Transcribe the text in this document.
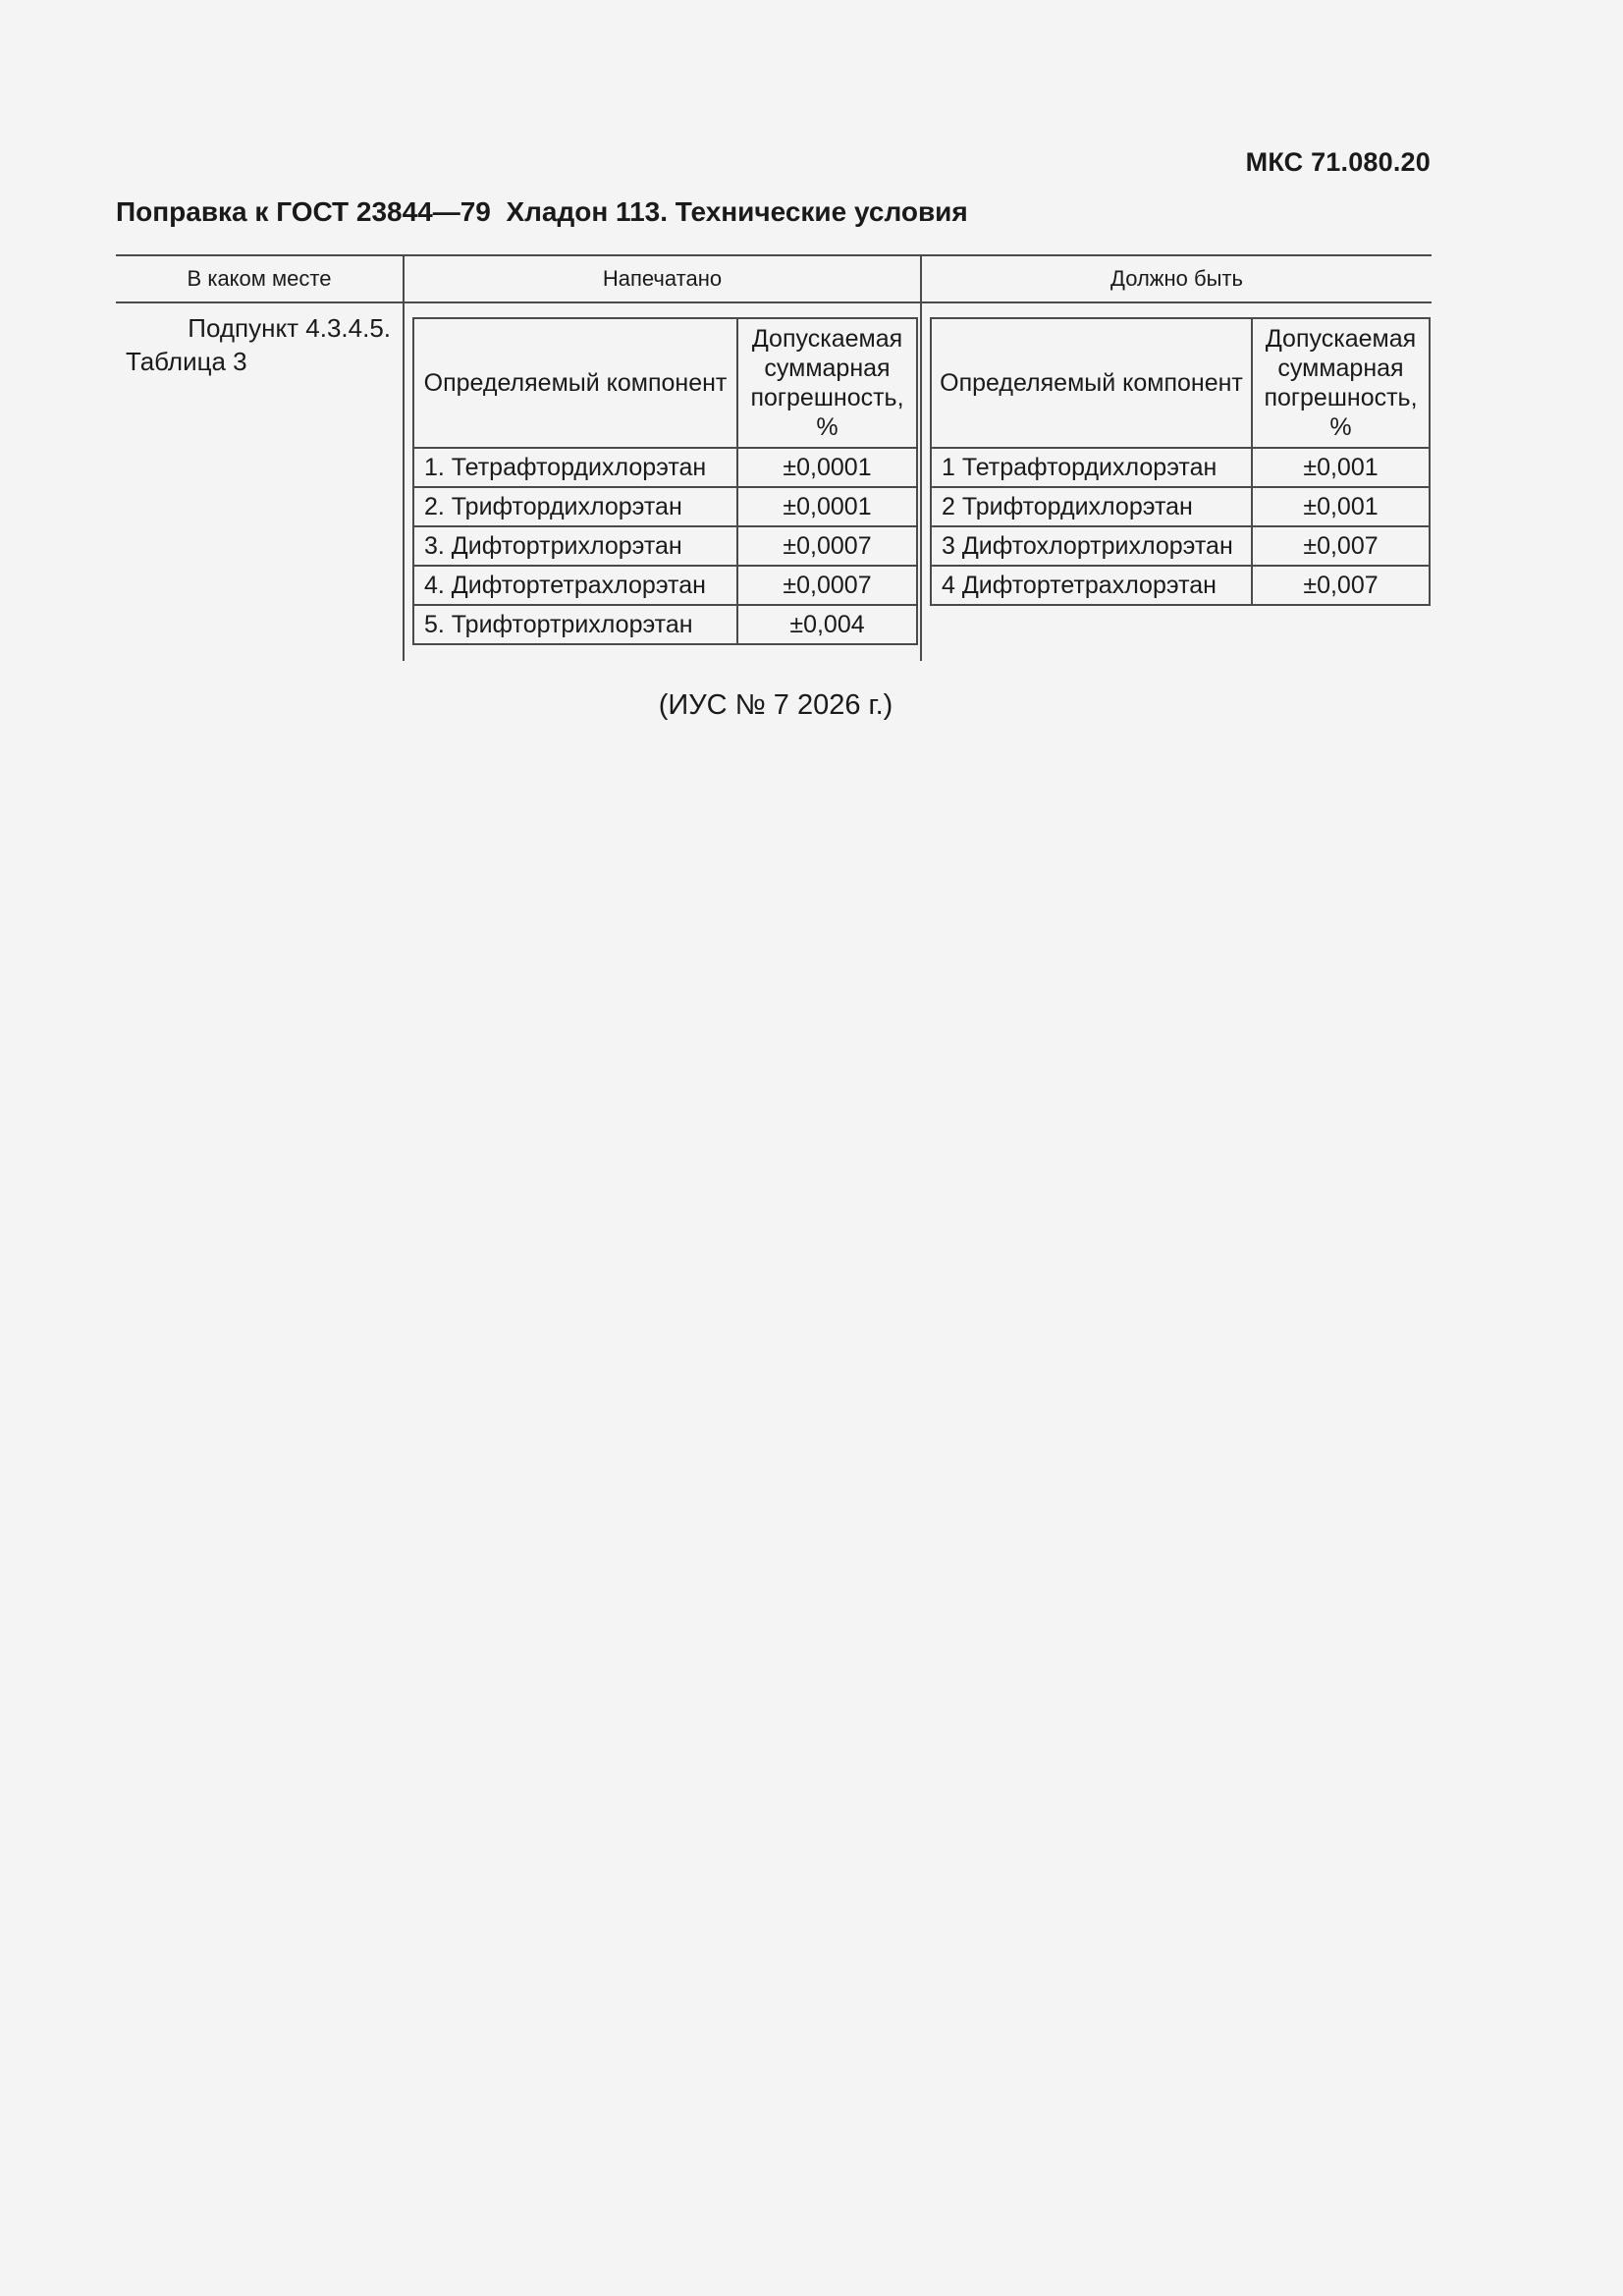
МКС 71.080.20
Поправка к ГОСТ 23844—79  Хладон 113. Технические условия
В каком месте	Напечатано	Должно быть
Подпункт 4.3.4.5.
Таблица 3
Определяемый компонент	Допускаемая суммарная погрешность, %
1. Тетрафтордихлорэтан	±0,0001
2. Трифтордихлорэтан	±0,0001
3. Дифтортрихлорэтан	±0,0007
4. Дифтортетрахлорэтан	±0,0007
5. Трифтортрихлорэтан	±0,004
Определяемый компонент	Допускаемая суммарная погрешность, %
1 Тетрафтордихлорэтан	±0,001
2 Трифтордихлорэтан	±0,001
3 Дифтохлортрихлорэтан	±0,007
4 Дифтортетрахлорэтан	±0,007
(ИУС № 7 2026 г.)
